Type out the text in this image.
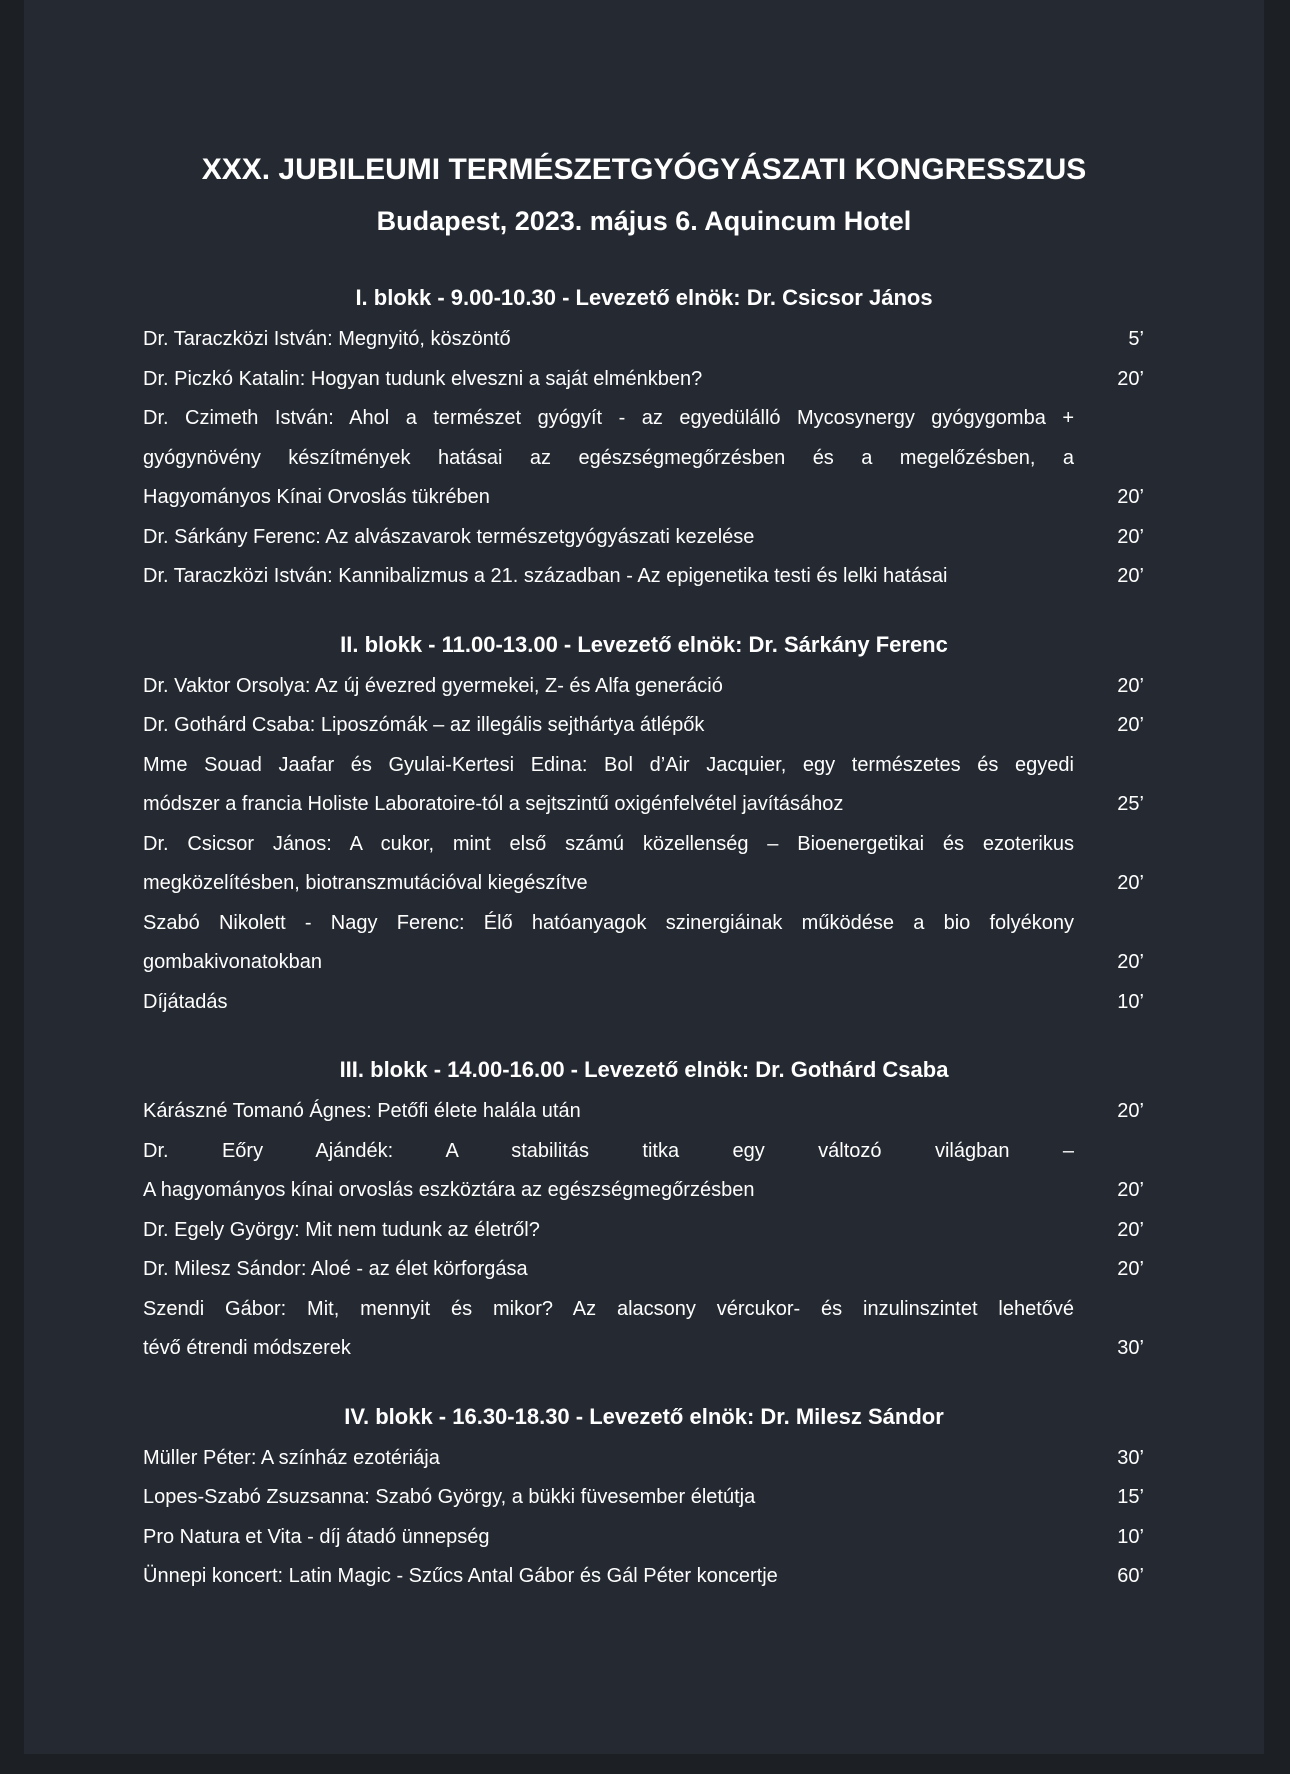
XXX. JUBILEUMI TERMÉSZETGYÓGYÁSZATI KONGRESSZUS
Budapest, 2023. május 6. Aquincum Hotel
I. blokk - 9.00-10.30 - Levezető elnök: Dr. Csicsor János
Dr. Taraczközi István: Megnyitó, köszöntő	5’
Dr. Piczkó Katalin: Hogyan tudunk elveszni a saját elménkben?	20’
Dr. Czimeth István: Ahol a természet gyógyít - az egyedülálló Mycosynergy gyógygomba +
gyógynövény készítmények hatásai az egészségmegőrzésben és a megelőzésben, a
Hagyományos Kínai Orvoslás tükrében	20’
Dr. Sárkány Ferenc: Az alvászavarok természetgyógyászati kezelése	20’
Dr. Taraczközi István: Kannibalizmus a 21. században - Az epigenetika testi és lelki hatásai	20’
II. blokk - 11.00-13.00 - Levezető elnök: Dr. Sárkány Ferenc
Dr. Vaktor Orsolya: Az új évezred gyermekei, Z- és Alfa generáció	20’
Dr. Gothárd Csaba: Liposzómák – az illegális sejthártya átlépők	20’
Mme Souad Jaafar és Gyulai-Kertesi Edina: Bol d’Air Jacquier, egy természetes és egyedi
módszer a francia Holiste Laboratoire-tól a sejtszintű oxigénfelvétel javításához	25’
Dr. Csicsor János: A cukor, mint első számú közellenség – Bioenergetikai és ezoterikus
megközelítésben, biotranszmutációval kiegészítve	20’
Szabó Nikolett - Nagy Ferenc: Élő hatóanyagok szinergiáinak működése a bio folyékony
gombakivonatokban	20’
Díjátadás	10’
III. blokk - 14.00-16.00 - Levezető elnök: Dr. Gothárd Csaba
Kárászné Tomanó Ágnes: Petőfi élete halála után	20’
Dr. Eőry Ajándék: A stabilitás titka egy változó világban –
A hagyományos kínai orvoslás eszköztára az egészségmegőrzésben	20’
Dr. Egely György: Mit nem tudunk az életről?	20’
Dr. Milesz Sándor: Aloé - az élet körforgása	20’
Szendi Gábor: Mit, mennyit és mikor? Az alacsony vércukor- és inzulinszintet lehetővé
tévő étrendi módszerek	30’
IV. blokk - 16.30-18.30 - Levezető elnök: Dr. Milesz Sándor
Müller Péter: A színház ezotériája	30’
Lopes-Szabó Zsuzsanna: Szabó György, a bükki füvesember életútja	15’
Pro Natura et Vita - díj átadó ünnepség	10’
Ünnepi koncert: Latin Magic - Szűcs Antal Gábor és Gál Péter koncertje	60’
